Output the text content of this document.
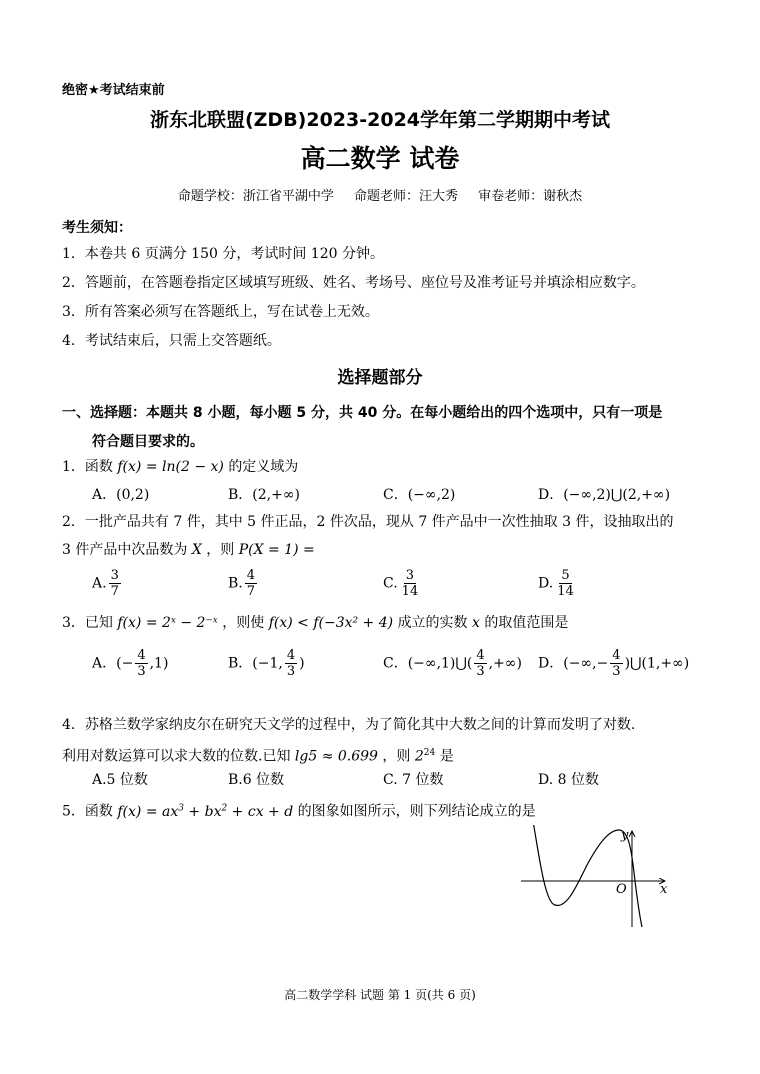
绝密★考试结束前
浙东北联盟(ZDB)2023-2024学年第二学期期中考试
高二数学 试卷
命题学校：浙江省平湖中学 命题老师：汪大秀 审卷老师：谢秋杰
考生须知：
1．本卷共 6 页满分 150 分，考试时间 120 分钟。
2．答题前，在答题卷指定区域填写班级、姓名、考场号、座位号及准考证号并填涂相应数字。
3．所有答案必须写在答题纸上，写在试卷上无效。
4．考试结束后，只需上交答题纸。
选择题部分
一、选择题：本题共 8 小题，每小题 5 分，共 40 分。在每小题给出的四个选项中，只有一项是
符合题目要求的。
1．函数 f(x) = ln(2 − x) 的定义域为
A．(0,2)	B．(2,+∞)	C．(−∞,2)	D．(−∞,2)⋃(2,+∞)
2．一批产品共有 7 件，其中 5 件正品，2 件次品，现从 7 件产品中一次性抽取 3 件，设抽取出的
3 件产品中次品数为 X ，则 P(X = 1) =
A. $\frac{3}{7}$	B. $\frac{4}{7}$	C. $\frac{3}{14}$	D. $\frac{5}{14}$
3．已知 f(x) = 2ˣ − 2⁻ˣ ，则使 f(x) < f(−3x² + 4) 成立的实数 x 的取值范围是
A．(− $\frac{4}{3} ,1$)	B．(−1, $\frac{4}{3}$ )	C．(−∞,1)⋃( $\frac{4}{3}$ ,+∞) D．(−∞,− $\frac{4}{3}$ )⋃(1,+∞)
4．苏格兰数学家纳皮尔在研究天文学的过程中，为了简化其中大数之间的计算而发明了对数.
利用对数运算可以求大数的位数.已知 lg5 ≈ 0.699 ，则 $2^{24}$ 是
A.5 位数	B.6 位数	C. 7 位数	D. 8 位数
5．函数 $f(x) = ax^3 + bx^2$ + cx + d 的图象如图所示，则下列结论成立的是
y
x
O
高二数学学科 试题 第 1 页(共 6 页)
